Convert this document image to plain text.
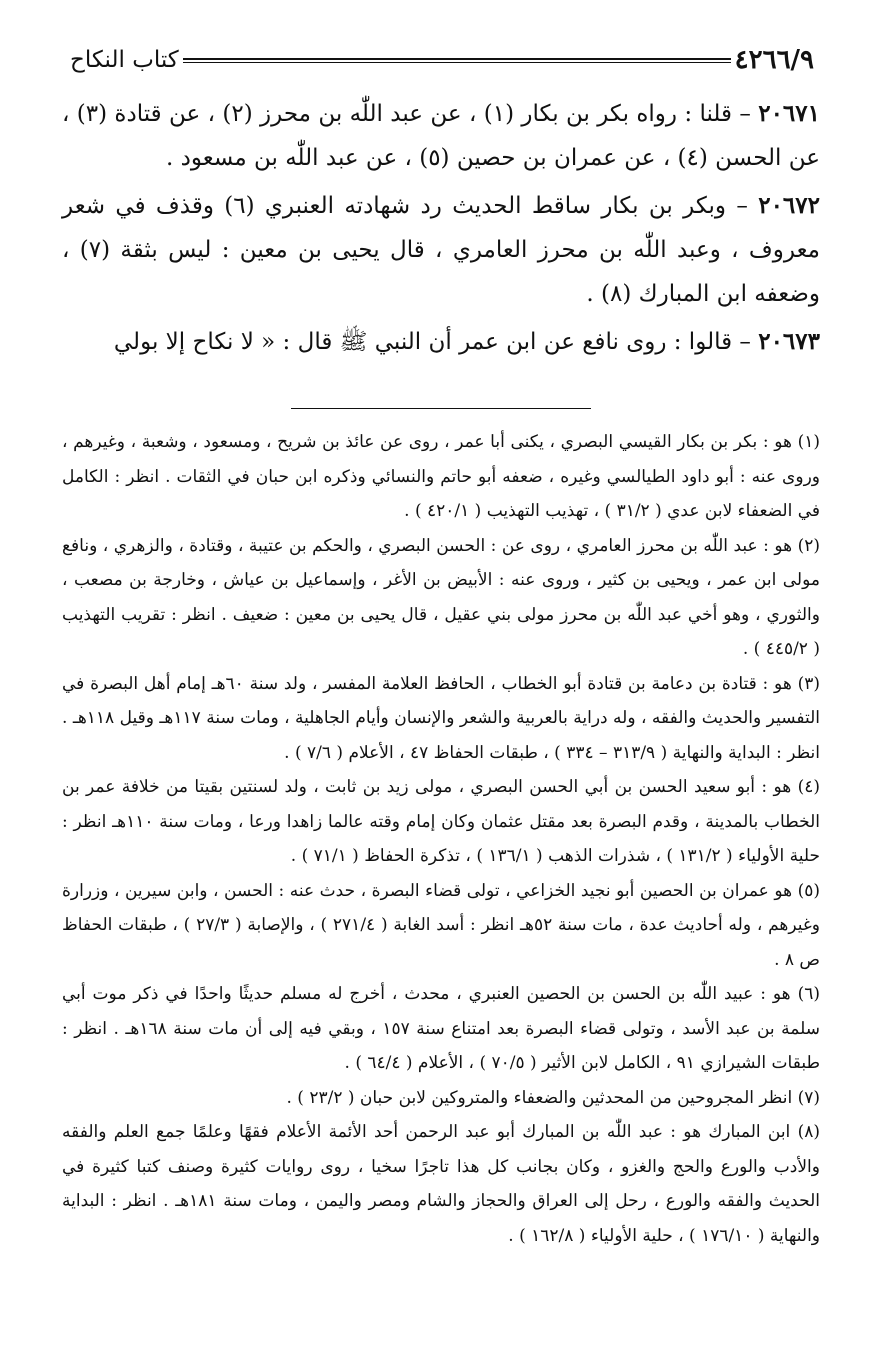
٤٢٦٦/٩
كتاب النكاح

٢٠٦٧١ – قلنا : رواه بكر بن بكار (١) ، عن عبد اللّٰه بن محرز (٢) ، عن قتادة (٣) ، عن الحسن (٤) ، عن عمران بن حصين (٥) ، عن عبد اللّٰه بن مسعود .

٢٠٦٧٢ – وبكر بن بكار ساقط الحديث رد شهادته العنبري (٦) وقذف في شعر معروف ، وعبد اللّٰه بن محرز العامري ، قال يحيى بن معين : ليس بثقة (٧) ، وضعفه ابن المبارك (٨) .

٢٠٦٧٣ – قالوا : روى نافع عن ابن عمر أن النبي ﷺ قال : « لا نكاح إلا بولي

(١) هو : بكر بن بكار القيسي البصري ، يكنى أبا عمر ، روى عن عائذ بن شريح ، ومسعود ، وشعبة ، وغيرهم ، وروى عنه : أبو داود الطيالسي وغيره ، ضعفه أبو حاتم والنسائي وذكره ابن حبان في الثقات . انظر : الكامل في الضعفاء لابن عدي ( ٣١/٢ ) ، تهذيب التهذيب ( ٤٢٠/١ ) .

(٢) هو : عبد اللّٰه بن محرز العامري ، روى عن : الحسن البصري ، والحكم بن عتيبة ، وقتادة ، والزهري ، ونافع مولى ابن عمر ، ويحيى بن كثير ، وروى عنه : الأبيض بن الأغر ، وإسماعيل بن عياش ، وخارجة بن مصعب ، والثوري ، وهو أخي عبد اللّٰه بن محرز مولى بني عقيل ، قال يحيى بن معين : ضعيف . انظر : تقريب التهذيب ( ٤٤٥/٢ ) .

(٣) هو : قتادة بن دعامة بن قتادة أبو الخطاب ، الحافظ العلامة المفسر ، ولد سنة ٦٠هـ إمام أهل البصرة في التفسير والحديث والفقه ، وله دراية بالعربية والشعر والإنسان وأيام الجاهلية ، ومات سنة ١١٧هـ وقيل ١١٨هـ . انظر : البداية والنهاية ( ٣١٣/٩ – ٣٣٤ ) ، طبقات الحفاظ ٤٧ ، الأعلام ( ٧/٦ ) .

(٤) هو : أبو سعيد الحسن بن أبي الحسن البصري ، مولى زيد بن ثابت ، ولد لسنتين بقيتا من خلافة عمر بن الخطاب بالمدينة ، وقدم البصرة بعد مقتل عثمان وكان إمام وقته عالما زاهدا ورعا ، ومات سنة ١١٠هـ انظر : حلية الأولياء ( ١٣١/٢ ) ، شذرات الذهب ( ١٣٦/١ ) ، تذكرة الحفاظ ( ٧١/١ ) .

(٥) هو عمران بن الحصين أبو نجيد الخزاعي ، تولى قضاء البصرة ، حدث عنه : الحسن ، وابن سيرين ، وزرارة وغيرهم ، وله أحاديث عدة ، مات سنة ٥٢هـ انظر : أسد الغابة ( ٢٧١/٤ ) ، والإصابة ( ٢٧/٣ ) ، طبقات الحفاظ ص ٨ .

(٦) هو : عبيد اللّٰه بن الحسن بن الحصين العنبري ، محدث ، أخرج له مسلم حديثًا واحدًا في ذكر موت أبي سلمة بن عبد الأسد ، وتولى قضاء البصرة بعد امتناع سنة ١٥٧ ، وبقي فيه إلى أن مات سنة ١٦٨هـ . انظر : طبقات الشيرازي ٩١ ، الكامل لابن الأثير ( ٧٠/٥ ) ، الأعلام ( ٦٤/٤ ) .

(٧) انظر المجروحين من المحدثين والضعفاء والمتروكين لابن حبان ( ٢٣/٢ ) .

(٨) ابن المبارك هو : عبد اللّٰه بن المبارك أبو عبد الرحمن أحد الأئمة الأعلام فقهًا وعلمًا جمع العلم والفقه والأدب والورع والحج والغزو ، وكان بجانب كل هذا تاجرًا سخيا ، روى روايات كثيرة وصنف كتبا كثيرة في الحديث والفقه والورع ، رحل إلى العراق والحجاز والشام ومصر واليمن ، ومات سنة ١٨١هـ . انظر : البداية والنهاية ( ١٧٦/١٠ ) ، حلية الأولياء ( ١٦٢/٨ ) .
